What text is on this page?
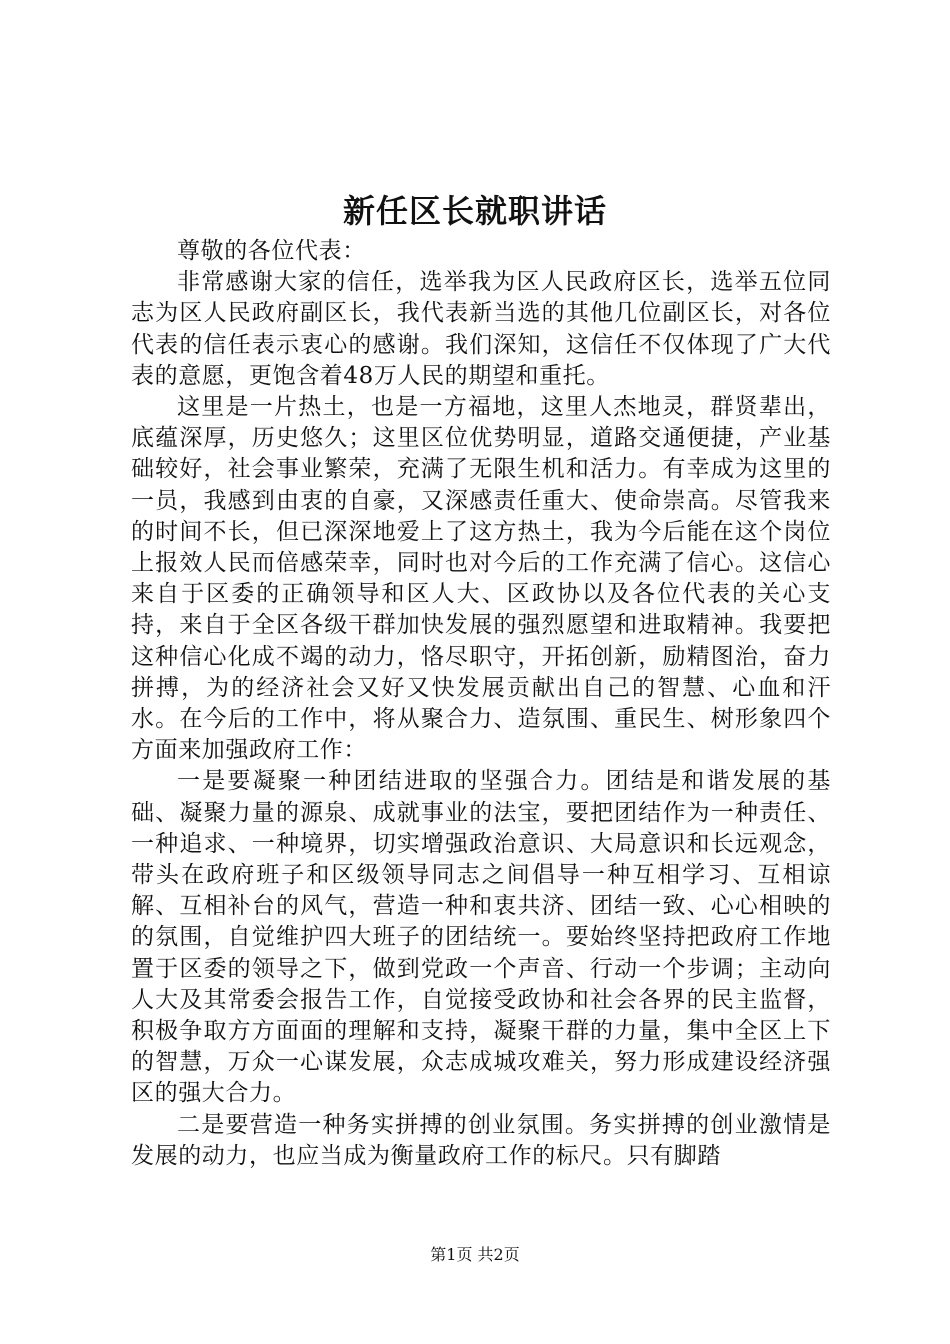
新任区长就职讲话

尊敬的各位代表：

非常感谢大家的信任，选举我为区人民政府区长，选举五位同志为区人民政府副区长，我代表新当选的其他几位副区长，对各位代表的信任表示衷心的感谢。我们深知，这信任不仅体现了广大代表的意愿，更饱含着48万人民的期望和重托。

这里是一片热土，也是一方福地，这里人杰地灵，群贤辈出，底蕴深厚，历史悠久；这里区位优势明显，道路交通便捷，产业基础较好，社会事业繁荣，充满了无限生机和活力。有幸成为这里的一员，我感到由衷的自豪，又深感责任重大、使命崇高。尽管我来的时间不长，但已深深地爱上了这方热土，我为今后能在这个岗位上报效人民而倍感荣幸，同时也对今后的工作充满了信心。这信心来自于区委的正确领导和区人大、区政协以及各位代表的关心支持，来自于全区各级干群加快发展的强烈愿望和进取精神。我要把这种信心化成不竭的动力，恪尽职守，开拓创新，励精图治，奋力拼搏，为的经济社会又好又快发展贡献出自己的智慧、心血和汗水。在今后的工作中，将从聚合力、造氛围、重民生、树形象四个方面来加强政府工作：

一是要凝聚一种团结进取的坚强合力。团结是和谐发展的基础、凝聚力量的源泉、成就事业的法宝，要把团结作为一种责任、一种追求、一种境界，切实增强政治意识、大局意识和长远观念，带头在政府班子和区级领导同志之间倡导一种互相学习、互相谅解、互相补台的风气，营造一种和衷共济、团结一致、心心相映的的氛围，自觉维护四大班子的团结统一。要始终坚持把政府工作地置于区委的领导之下，做到党政一个声音、行动一个步调；主动向人大及其常委会报告工作，自觉接受政协和社会各界的民主监督，积极争取方方面面的理解和支持，凝聚干群的力量，集中全区上下的智慧，万众一心谋发展，众志成城攻难关，努力形成建设经济强区的强大合力。

二是要营造一种务实拼搏的创业氛围。务实拼搏的创业激情是发展的动力，也应当成为衡量政府工作的标尺。只有脚踏

第1页 共2页
